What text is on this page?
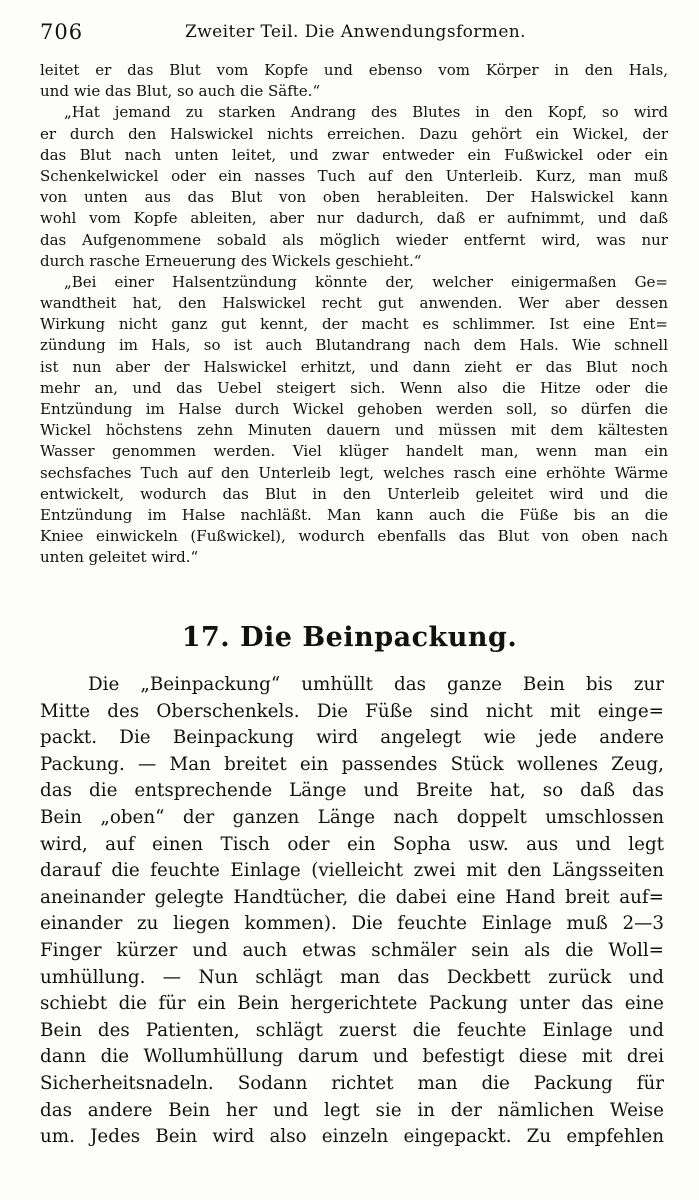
706	Zweiter Teil. Die Anwendungsformen.
leitet er das Blut vom Kopfe und ebenso vom Körper in den Hals,
und wie das Blut, so auch die Säfte.“
„Hat jemand zu starken Andrang des Blutes in den Kopf, so wird
er durch den Halswickel nichts erreichen. Dazu gehört ein Wickel, der
das Blut nach unten leitet, und zwar entweder ein Fußwickel oder ein
Schenkelwickel oder ein nasses Tuch auf den Unterleib. Kurz, man muß
von unten aus das Blut von oben herableiten. Der Halswickel kann
wohl vom Kopfe ableiten, aber nur dadurch, daß er aufnimmt, und daß
das Aufgenommene sobald als möglich wieder entfernt wird, was nur
durch rasche Erneuerung des Wickels geschieht.“
„Bei einer Halsentzündung könnte der, welcher einigermaßen Ge=
wandtheit hat, den Halswickel recht gut anwenden. Wer aber dessen
Wirkung nicht ganz gut kennt, der macht es schlimmer. Ist eine Ent=
zündung im Hals, so ist auch Blutandrang nach dem Hals. Wie schnell
ist nun aber der Halswickel erhitzt, und dann zieht er das Blut noch
mehr an, und das Uebel steigert sich. Wenn also die Hitze oder die
Entzündung im Halse durch Wickel gehoben werden soll, so dürfen die
Wickel höchstens zehn Minuten dauern und müssen mit dem kältesten
Wasser genommen werden. Viel klüger handelt man, wenn man ein
sechsfaches Tuch auf den Unterleib legt, welches rasch eine erhöhte Wärme
entwickelt, wodurch das Blut in den Unterleib geleitet wird und die
Entzündung im Halse nachläßt. Man kann auch die Füße bis an die
Kniee einwickeln (Fußwickel), wodurch ebenfalls das Blut von oben nach
unten geleitet wird.“
17. Die Beinpackung.
Die „Beinpackung“ umhüllt das ganze Bein bis zur
Mitte des Oberschenkels. Die Füße sind nicht mit einge=
packt. Die Beinpackung wird angelegt wie jede andere
Packung. — Man breitet ein passendes Stück wollenes Zeug,
das die entsprechende Länge und Breite hat, so daß das
Bein „oben“ der ganzen Länge nach doppelt umschlossen
wird, auf einen Tisch oder ein Sopha usw. aus und legt
darauf die feuchte Einlage (vielleicht zwei mit den Längsseiten
aneinander gelegte Handtücher, die dabei eine Hand breit auf=
einander zu liegen kommen). Die feuchte Einlage muß 2—3
Finger kürzer und auch etwas schmäler sein als die Woll=
umhüllung. — Nun schlägt man das Deckbett zurück und
schiebt die für ein Bein hergerichtete Packung unter das eine
Bein des Patienten, schlägt zuerst die feuchte Einlage und
dann die Wollumhüllung darum und befestigt diese mit drei
Sicherheitsnadeln. Sodann richtet man die Packung für
das andere Bein her und legt sie in der nämlichen Weise
um. Jedes Bein wird also einzeln eingepackt. Zu empfehlen
